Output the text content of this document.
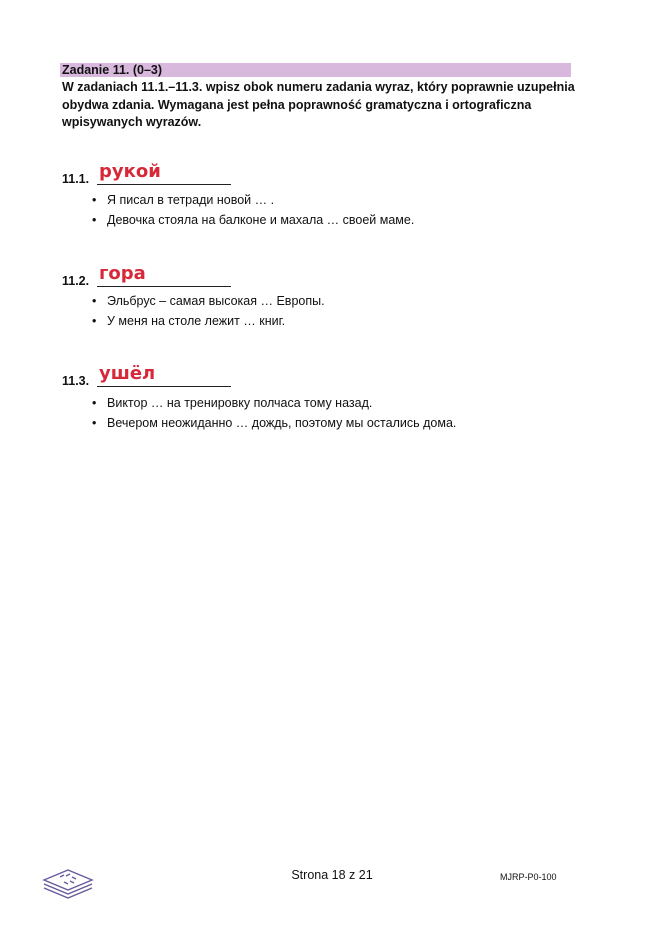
Zadanie 11. (0–3)
W zadaniach 11.1.–11.3. wpisz obok numeru zadania wyraz, który poprawnie uzupełnia obydwa zdania. Wymagana jest pełna poprawność gramatyczna i ortograficzna wpisywanych wyrazów.
рукой
11.1.
• Я писал в тетради новой … .
• Девочка стояла на балконе и махала … своей маме.
гора
11.2.
• Эльбрус – самая высокая … Европы.
• У меня на столе лежит … книг.
ушёл
11.3.
• Виктор … на тренировку полчаса тому назад.
• Вечером неожиданно … дождь, поэтому мы остались дома.
Strona 18 z 21	MJRP-P0-100
